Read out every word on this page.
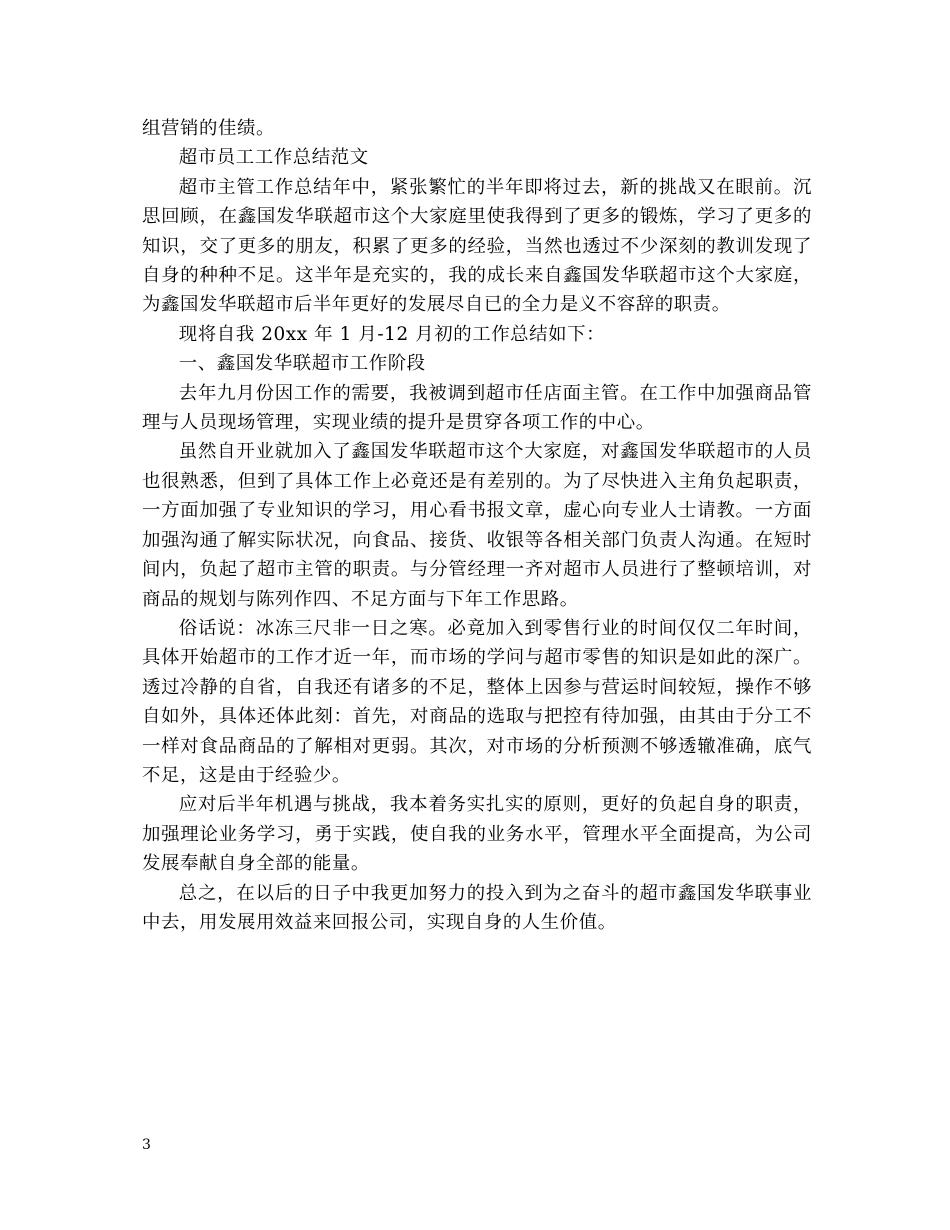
组营销的佳绩。

超市员工工作总结范文

超市主管工作总结年中，紧张繁忙的半年即将过去，新的挑战又在眼前。沉思回顾，在鑫国发华联超市这个大家庭里使我得到了更多的锻炼，学习了更多的知识，交了更多的朋友，积累了更多的经验，当然也透过不少深刻的教训发现了自身的种种不足。这半年是充实的，我的成长来自鑫国发华联超市这个大家庭，为鑫国发华联超市后半年更好的发展尽自已的全力是义不容辞的职责。

现将自我 20xx 年 1 月-12 月初的工作总结如下：

一、鑫国发华联超市工作阶段

去年九月份因工作的需要，我被调到超市任店面主管。在工作中加强商品管理与人员现场管理，实现业绩的提升是贯穿各项工作的中心。

虽然自开业就加入了鑫国发华联超市这个大家庭，对鑫国发华联超市的人员也很熟悉，但到了具体工作上必竟还是有差别的。为了尽快进入主角负起职责，一方面加强了专业知识的学习，用心看书报文章，虚心向专业人士请教。一方面加强沟通了解实际状况，向食品、接货、收银等各相关部门负责人沟通。在短时间内，负起了超市主管的职责。与分管经理一齐对超市人员进行了整顿培训，对商品的规划与陈列作四、不足方面与下年工作思路。

俗话说：冰冻三尺非一日之寒。必竟加入到零售行业的时间仅仅二年时间，具体开始超市的工作才近一年，而市场的学问与超市零售的知识是如此的深广。透过冷静的自省，自我还有诸多的不足，整体上因参与营运时间较短，操作不够自如外，具体还体此刻：首先，对商品的选取与把控有待加强，由其由于分工不一样对食品商品的了解相对更弱。其次，对市场的分析预测不够透辙准确，底气不足，这是由于经验少。

应对后半年机遇与挑战，我本着务实扎实的原则，更好的负起自身的职责，加强理论业务学习，勇于实践，使自我的业务水平，管理水平全面提高，为公司发展奉献自身全部的能量。

总之，在以后的日子中我更加努力的投入到为之奋斗的超市鑫国发华联事业中去，用发展用效益来回报公司，实现自身的人生价值。

3
